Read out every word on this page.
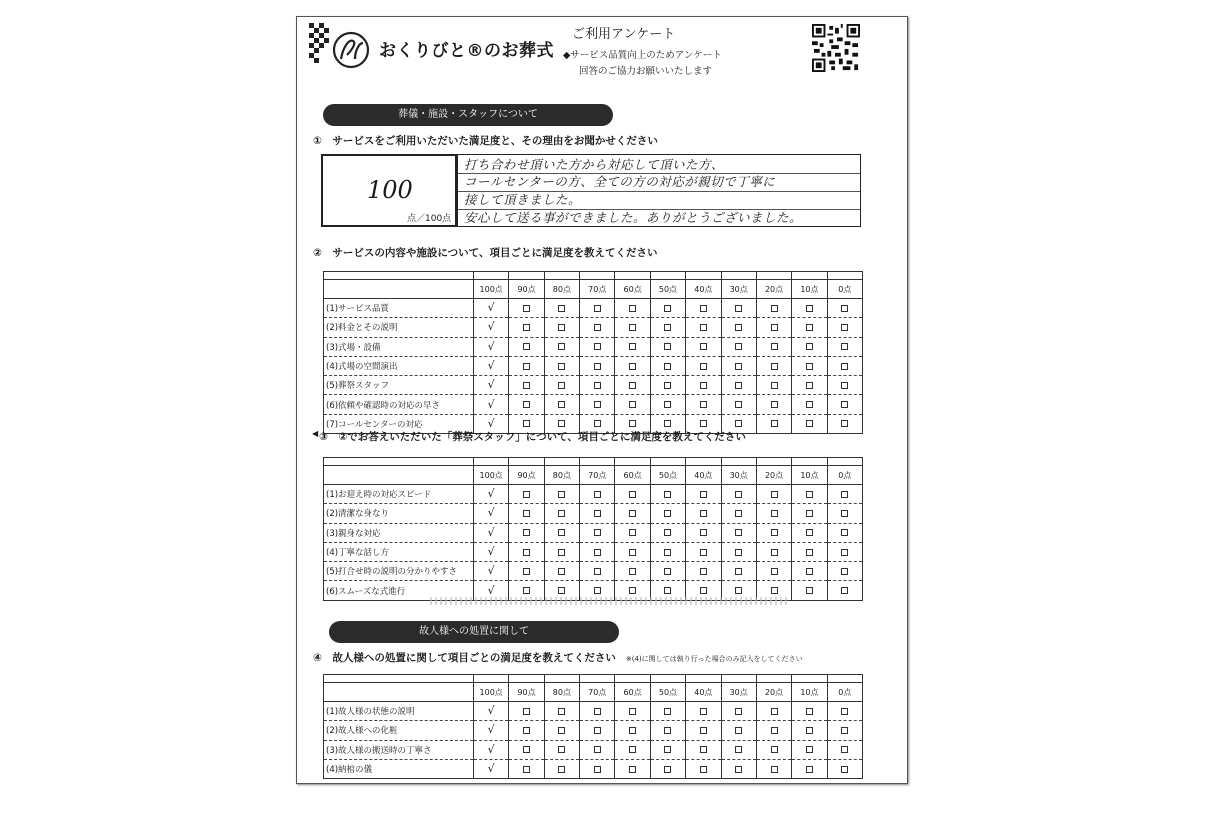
おくりびと®のお葬式
ご利用アンケート
◆サービス品質向上のためアンケート
回答のご協力お願いいたします
葬儀・施設・スタッフについて
①　サービスをご利用いただいた満足度と、その理由をお聞かせください
100
点／100点
打ち合わせ頂いた方から対応して頂いた方、
コールセンターの方、全ての方の対応が親切で丁寧に
接して頂きました。
安心して送る事ができました。ありがとうございました。
②　サービスの内容や施設について、項目ごとに満足度を教えてください

	100点	90点	80点	70点	60点	50点	40点	30点	20点	10点	0点
(1)サービス品質	√										
(2)料金とその説明	√										
(3)式場・設備	√										
(4)式場の空間演出	√										
(5)葬祭スタッフ	√										
(6)依頼や確認時の対応の早さ	√										
(7)コールセンターの対応	√										
◀ ③　②でお答えいただいた「葬祭スタッフ」について、項目ごとに満足度を教えてください

	100点	90点	80点	70点	60点	50点	40点	30点	20点	10点	0点
(1)お迎え時の対応スピード	√										
(2)清潔な身なり	√										
(3)親身な対応	√										
(4)丁寧な話し方	√										
(5)打合せ時の説明の分かりやすさ	√										
(6)スムーズな式進行	√										
故人様への処置に関して
④　故人様への処置に関して項目ごとの満足度を教えてください ※(4)に関しては執り行った場合のみ記入をしてください

	100点	90点	80点	70点	60点	50点	40点	30点	20点	10点	0点
(1)故人様の状態の説明	√										
(2)故人様への化粧	√										
(3)故人様の搬送時の丁寧さ	√										
(4)納棺の儀	√										
